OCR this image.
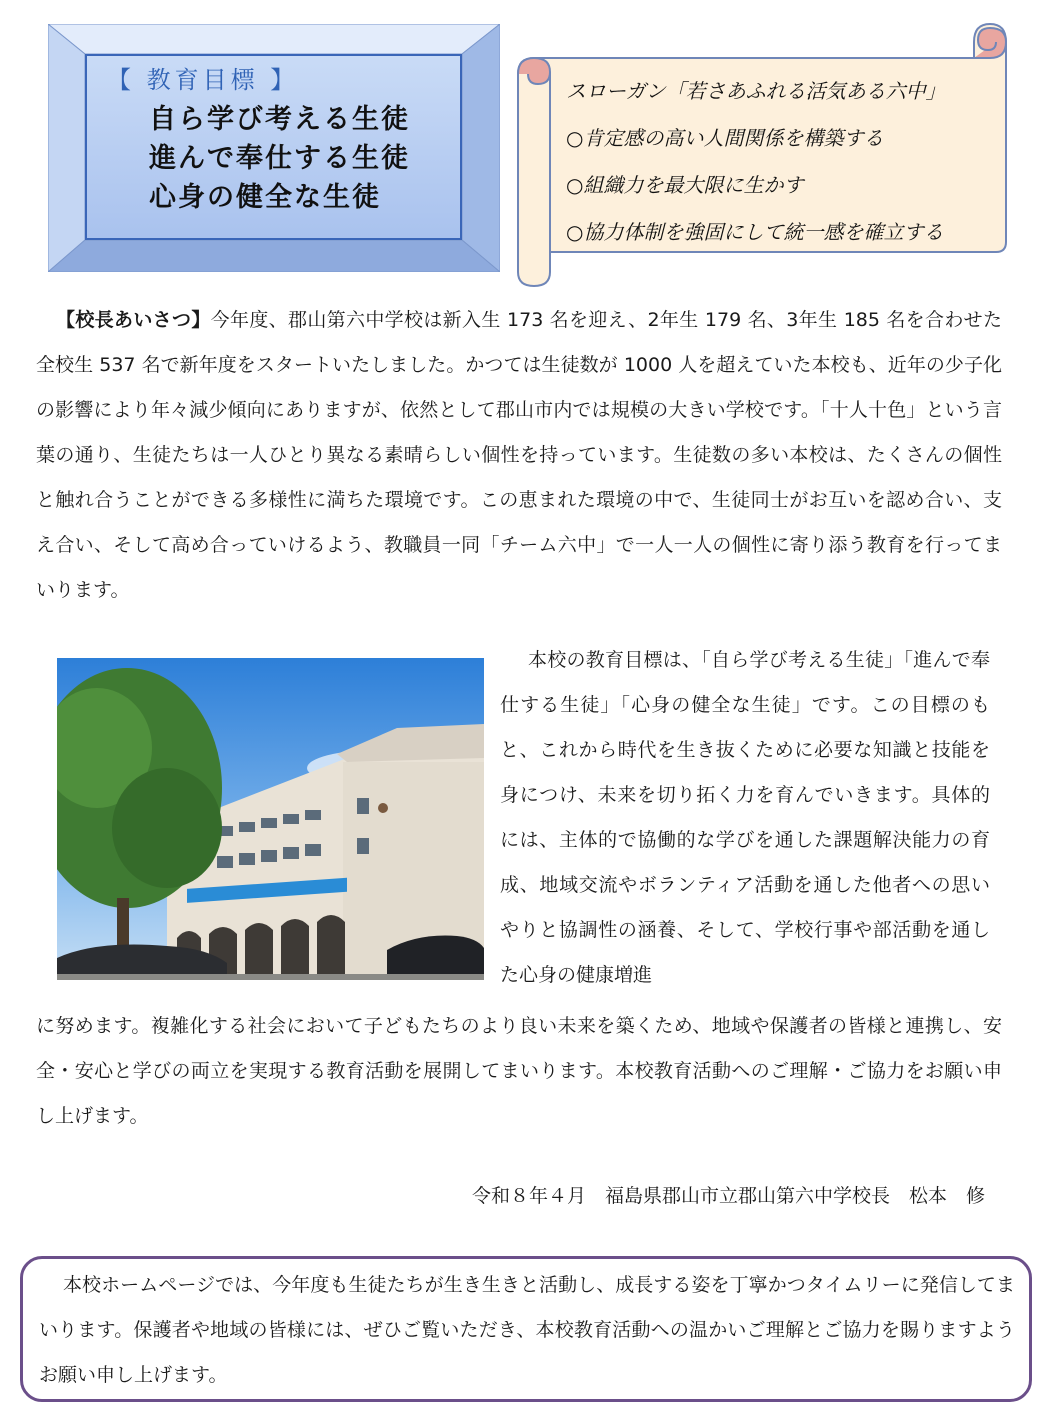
【 教育目標 】
自ら学び考える生徒
進んで奉仕する生徒
心身の健全な生徒
スローガン「若さあふれる活気ある六中」
○肯定感の高い人間関係を構築する
○組織力を最大限に生かす
○協力体制を強固にして統一感を確立する

【校長あいさつ】今年度、郡山第六中学校は新入生 173 名を迎え、2年生 179 名、3年生 185 名を合わせた全校生 537 名で新年度をスタートいたしました。かつては生徒数が 1000 人を超えていた本校も、近年の少子化の影響により年々減少傾向にありますが、依然として郡山市内では規模の大きい学校です。「十人十色」という言葉の通り、生徒たちは一人ひとり異なる素晴らしい個性を持っています。生徒数の多い本校は、たくさんの個性と触れ合うことができる多様性に満ちた環境です。この恵まれた環境の中で、生徒同士がお互いを認め合い、支え合い、そして高め合っていけるよう、教職員一同「チーム六中」で一人一人の個性に寄り添う教育を行ってまいります。

本校の教育目標は、「自ら学び考える生徒」「進んで奉仕する生徒」「心身の健全な生徒」です。この目標のもと、これから時代を生き抜くために必要な知識と技能を身につけ、未来を切り拓く力を育んでいきます。具体的には、主体的で協働的な学びを通した課題解決能力の育成、地域交流やボランティア活動を通した他者への思いやりと協調性の涵養、そして、学校行事や部活動を通した心身の健康増進

に努めます。複雑化する社会において子どもたちのより良い未来を築くため、地域や保護者の皆様と連携し、安全・安心と学びの両立を実現する教育活動を展開してまいります。本校教育活動へのご理解・ご協力をお願い申し上げます。

令和８年４月　福島県郡山市立郡山第六中学校長　松本　修

本校ホームページでは、今年度も生徒たちが生き生きと活動し、成長する姿を丁寧かつタイムリーに発信してまいります。保護者や地域の皆様には、ぜひご覧いただき、本校教育活動への温かいご理解とご協力を賜りますようお願い申し上げます。
